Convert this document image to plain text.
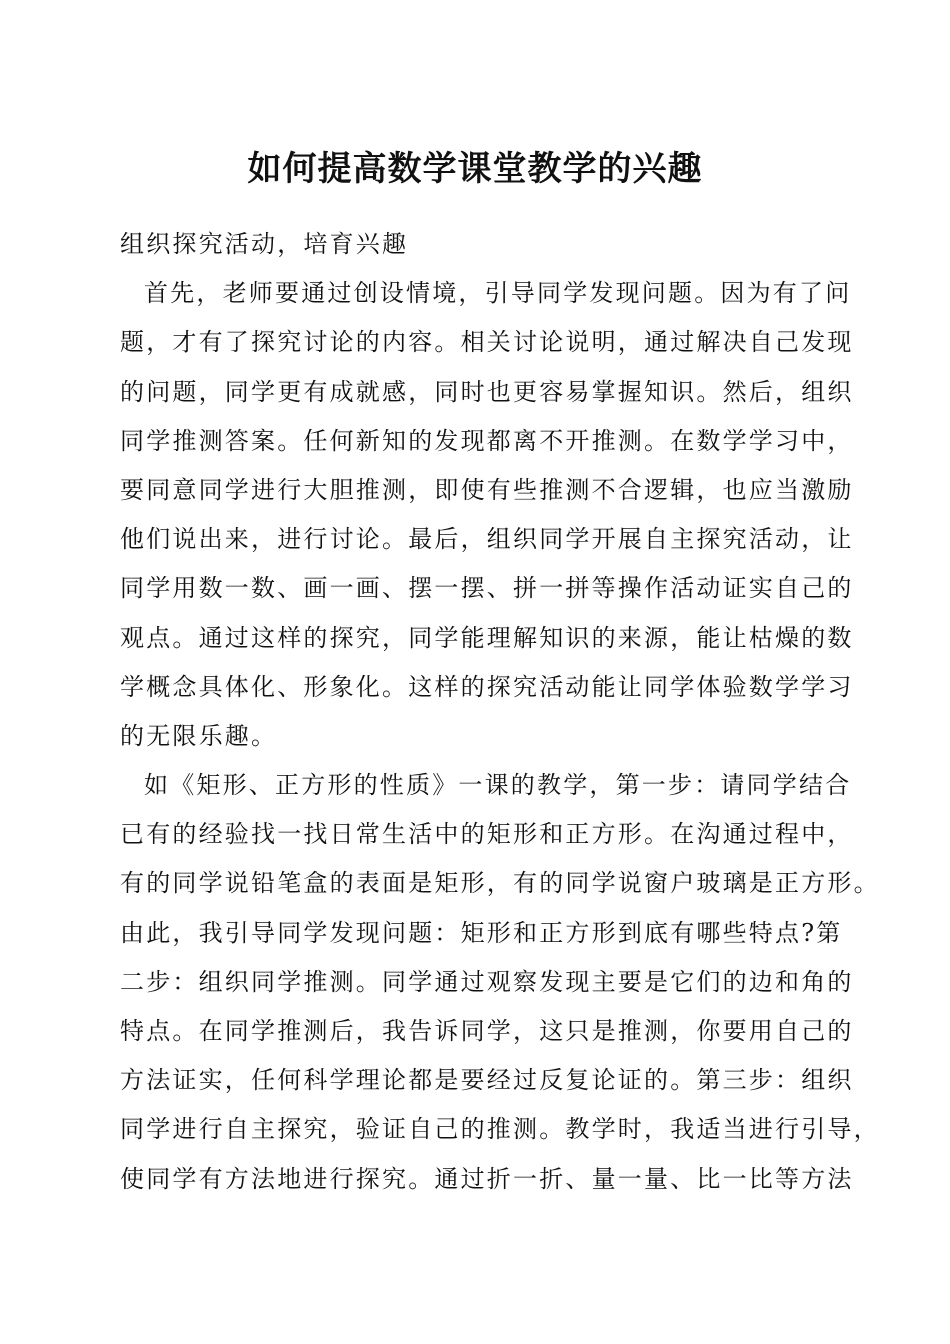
如何提高数学课堂教学的兴趣
组织探究活动，培育兴趣
首先，老师要通过创设情境，引导同学发现问题。因为有了问
题，才有了探究讨论的内容。相关讨论说明，通过解决自己发现
的问题，同学更有成就感，同时也更容易掌握知识。然后，组织
同学推测答案。任何新知的发现都离不开推测。在数学学习中，
要同意同学进行大胆推测，即使有些推测不合逻辑，也应当激励
他们说出来，进行讨论。最后，组织同学开展自主探究活动，让
同学用数一数、画一画、摆一摆、拼一拼等操作活动证实自己的
观点。通过这样的探究，同学能理解知识的来源，能让枯燥的数
学概念具体化、形象化。这样的探究活动能让同学体验数学学习
的无限乐趣。
如《矩形、正方形的性质》一课的教学，第一步：请同学结合
已有的经验找一找日常生活中的矩形和正方形。在沟通过程中，
有的同学说铅笔盒的表面是矩形，有的同学说窗户玻璃是正方形。
由此，我引导同学发现问题：矩形和正方形到底有哪些特点?第
二步：组织同学推测。同学通过观察发现主要是它们的边和角的
特点。在同学推测后，我告诉同学，这只是推测，你要用自己的
方法证实，任何科学理论都是要经过反复论证的。第三步：组织
同学进行自主探究，验证自己的推测。教学时，我适当进行引导，
使同学有方法地进行探究。通过折一折、量一量、比一比等方法
